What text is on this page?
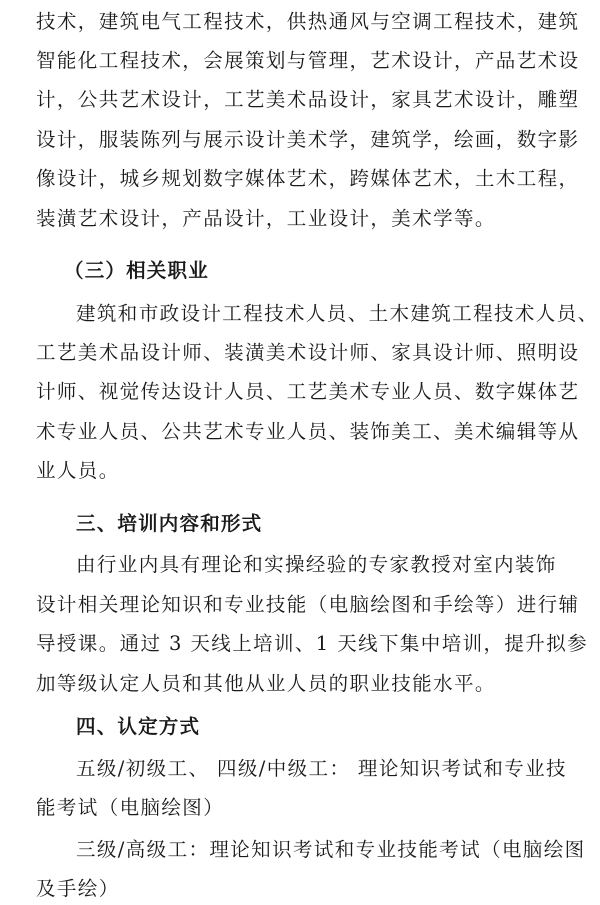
技术，建筑电气工程技术，供热通风与空调工程技术，建筑
智能化工程技术，会展策划与管理，艺术设计，产品艺术设
计，公共艺术设计，工艺美术品设计，家具艺术设计，雕塑
设计，服装陈列与展示设计美术学，建筑学，绘画，数字影
像设计，城乡规划数字媒体艺术，跨媒体艺术，土木工程，
装潢艺术设计，产品设计，工业设计，美术学等。
（三）相关职业
建筑和市政设计工程技术人员、土木建筑工程技术人员、
工艺美术品设计师、装潢美术设计师、家具设计师、照明设
计师、视觉传达设计人员、工艺美术专业人员、数字媒体艺
术专业人员、公共艺术专业人员、装饰美工、美术编辑等从
业人员。
三、培训内容和形式
由行业内具有理论和实操经验的专家教授对室内装饰
设计相关理论知识和专业技能（电脑绘图和手绘等）进行辅
导授课。通过 3 天线上培训、1 天线下集中培训，提升拟参
加等级认定人员和其他从业人员的职业技能水平。
四、认定方式
五级/初级工、 四级/中级工： 理论知识考试和专业技
能考试（电脑绘图）
三级/高级工：理论知识考试和专业技能考试（电脑绘图
及手绘）
